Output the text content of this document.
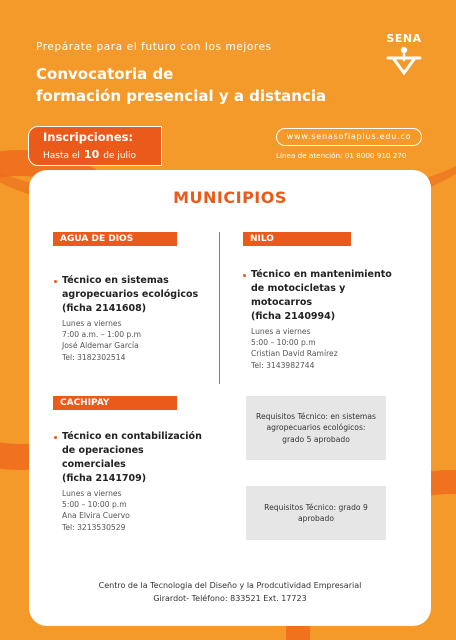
Prepárate para el futuro con los mejores
Convocatoria de
formación presencial y a distancia
SENA
Inscripciones:
Hasta el 10 de julio
www.senasofiaplus.edu.co
Línea de atención: 01 8000 910 270
MUNICIPIOS
AGUA DE DIOS
Técnico en sistemas
agropecuarios ecológicos
(ficha 2141608)
Lunes a viernes
7:00 a.m. – 1:00 p.m
José Aldemar García
Tel: 3182302514
NILO
Técnico en mantenimiento
de motocicletas y
motocarros
(ficha 2140994)
Lunes a viernes
5:00 – 10:00 p.m
Cristian David Ramírez
Tel: 3143982744
CACHIPAY
Técnico en contabilización
de operaciones
comerciales
(ficha 2141709)
Lunes a viernes
5:00 – 10:00 p.m
Ana Elvira Cuervo
Tel: 3213530529
Requisitos Técnico: en sistemas agropecuarios ecológicos: grado 5 aprobado
Requisitos Técnico: grado 9 aprobado
Centro de la Tecnologia del Diseño y la Prodcutividad Empresarial
Girardot- Teléfono: 833521 Ext. 17723
